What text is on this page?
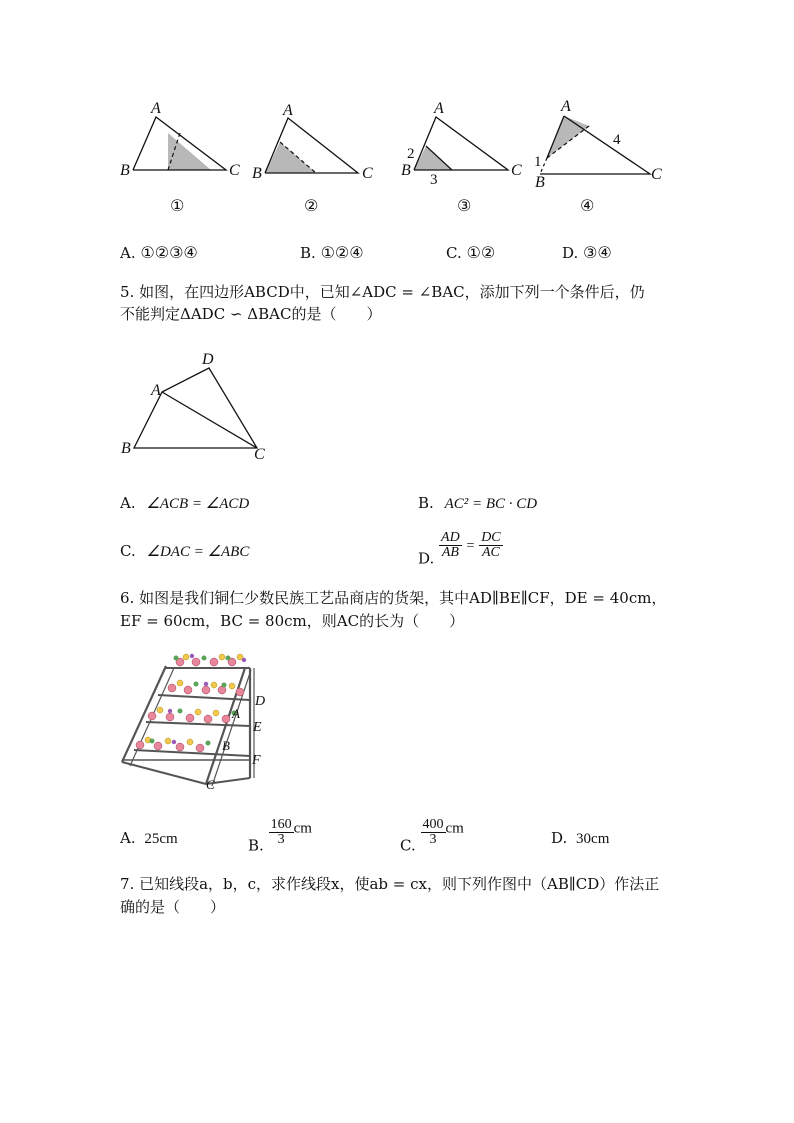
A
B	C
①
A
B	C
②
A
B	C
2
3
③
A
B	C
1
4
④
A. ①②③④	B. ①②④	C. ①②	D. ③④
5. 如图，在四边形ABCD中，已知∠ADC = ∠BAC，添加下列一个条件后，仍
不能判定ΔADC ∽ ΔBAC的是（　　）
D
A
B	C
A. ∠ACB = ∠ACD	B. AC² = BC · CD
C. ∠DAC = ∠ABC	D. $\frac{AD}{AB} = \frac{DC}{AC}$
6. 如图是我们铜仁少数民族工艺品商店的货架，其中AD∥BE∥CF，DE = 40cm，
EF = 60cm，BC = 80cm，则AC的长为（　　）
D
A
E
B
F
C
A. 25cm	B. $\frac{160}{3}$ cm
C. $\frac{400}{3}$ cm
D. 30cm
7. 已知线段a，b，c，求作线段x，使ab = cx，则下列作图中（AB∥CD）作法正
确的是（　　）
